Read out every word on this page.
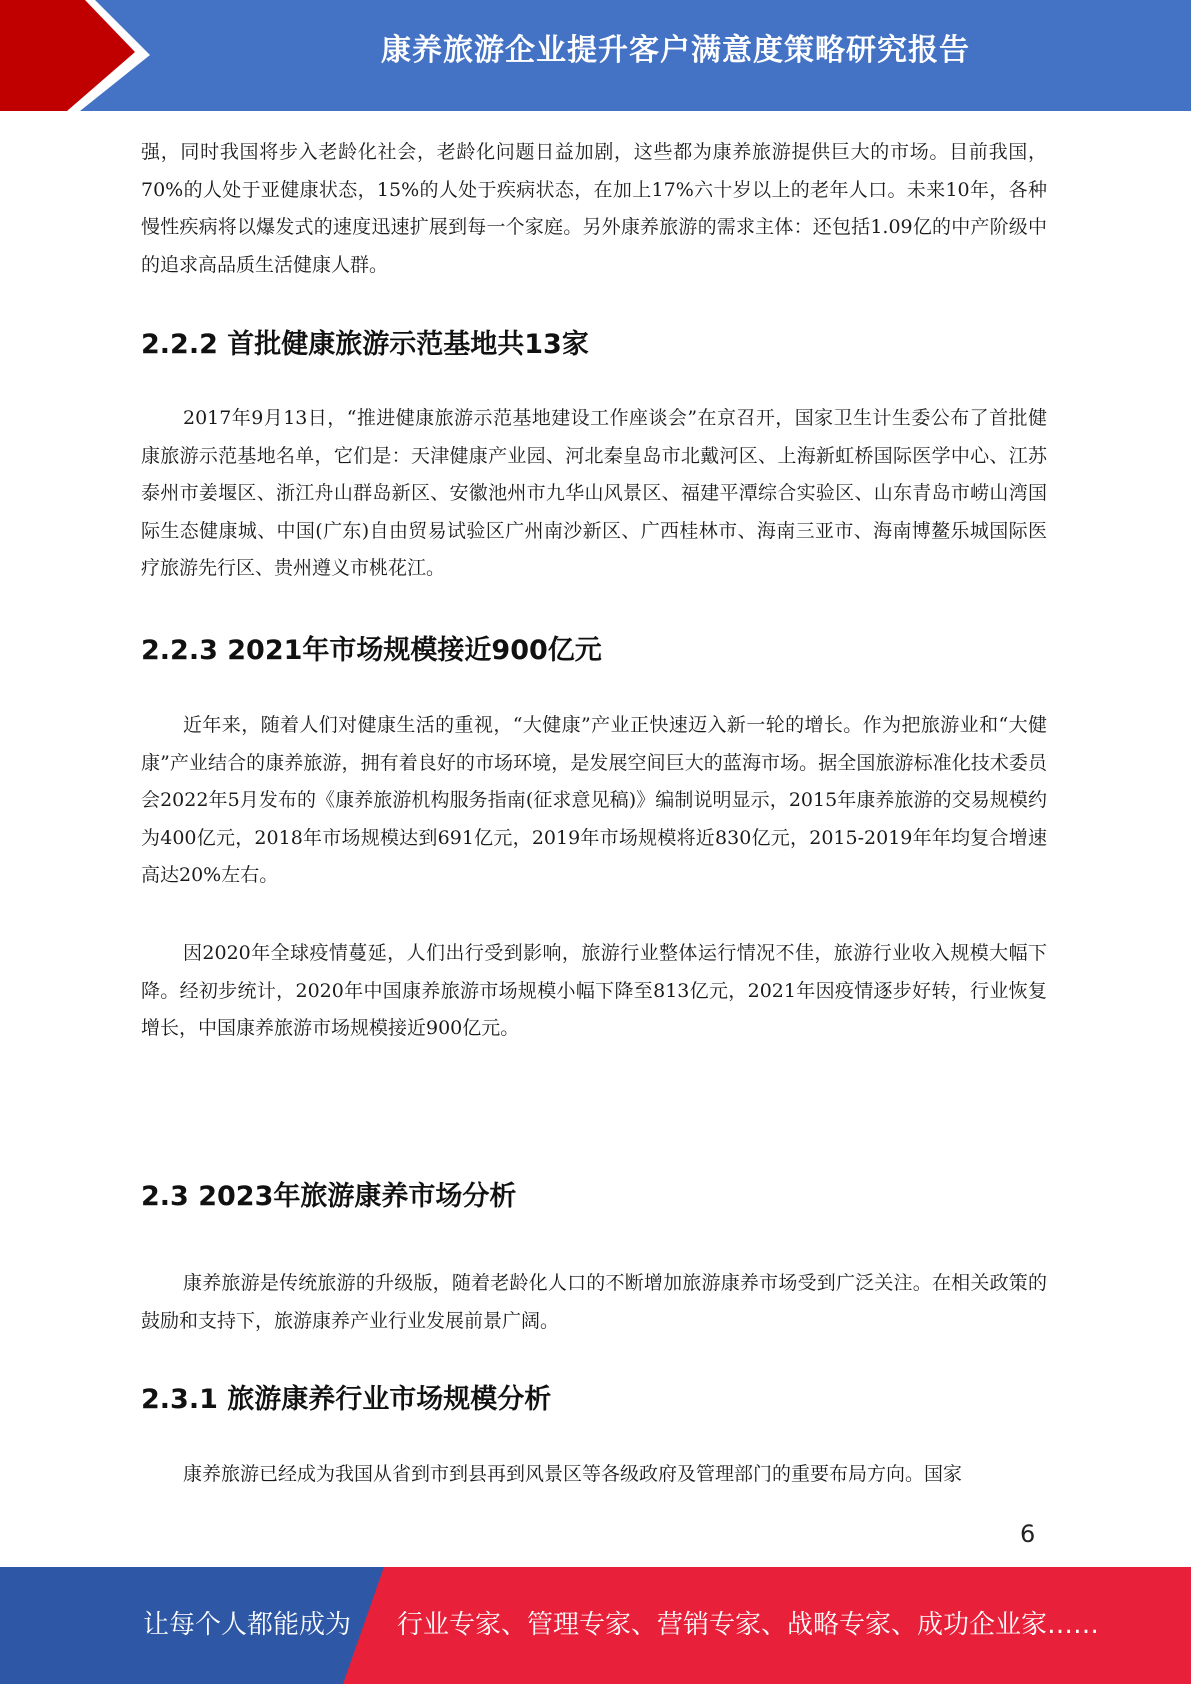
康养旅游企业提升客户满意度策略研究报告

强，同时我国将步入老龄化社会，老龄化问题日益加剧，这些都为康养旅游提供巨大的市场。目前我国，70%的人处于亚健康状态，15%的人处于疾病状态，在加上17%六十岁以上的老年人口。未来10年，各种慢性疾病将以爆发式的速度迅速扩展到每一个家庭。另外康养旅游的需求主体：还包括1.09亿的中产阶级中的追求高品质生活健康人群。

2.2.2 首批健康旅游示范基地共13家

2017年9月13日，“推进健康旅游示范基地建设工作座谈会”在京召开，国家卫生计生委公布了首批健康旅游示范基地名单，它们是：天津健康产业园、河北秦皇岛市北戴河区、上海新虹桥国际医学中心、江苏泰州市姜堰区、浙江舟山群岛新区、安徽池州市九华山风景区、福建平潭综合实验区、山东青岛市崂山湾国际生态健康城、中国(广东)自由贸易试验区广州南沙新区、广西桂林市、海南三亚市、海南博鳌乐城国际医疗旅游先行区、贵州遵义市桃花江。

2.2.3 2021年市场规模接近900亿元

近年来，随着人们对健康生活的重视，“大健康”产业正快速迈入新一轮的增长。作为把旅游业和“大健康”产业结合的康养旅游，拥有着良好的市场环境，是发展空间巨大的蓝海市场。据全国旅游标准化技术委员会2022年5月发布的《康养旅游机构服务指南(征求意见稿)》编制说明显示，2015年康养旅游的交易规模约为400亿元，2018年市场规模达到691亿元，2019年市场规模将近830亿元，2015-2019年年均复合增速高达20%左右。

因2020年全球疫情蔓延，人们出行受到影响，旅游行业整体运行情况不佳，旅游行业收入规模大幅下降。经初步统计，2020年中国康养旅游市场规模小幅下降至813亿元，2021年因疫情逐步好转，行业恢复增长，中国康养旅游市场规模接近900亿元。

2.3 2023年旅游康养市场分析

康养旅游是传统旅游的升级版，随着老龄化人口的不断增加旅游康养市场受到广泛关注。在相关政策的鼓励和支持下，旅游康养产业行业发展前景广阔。

2.3.1 旅游康养行业市场规模分析

康养旅游已经成为我国从省到市到县再到风景区等各级政府及管理部门的重要布局方向。国家

6
让每个人都能成为 行业专家、管理专家、营销专家、战略专家、成功企业家……
